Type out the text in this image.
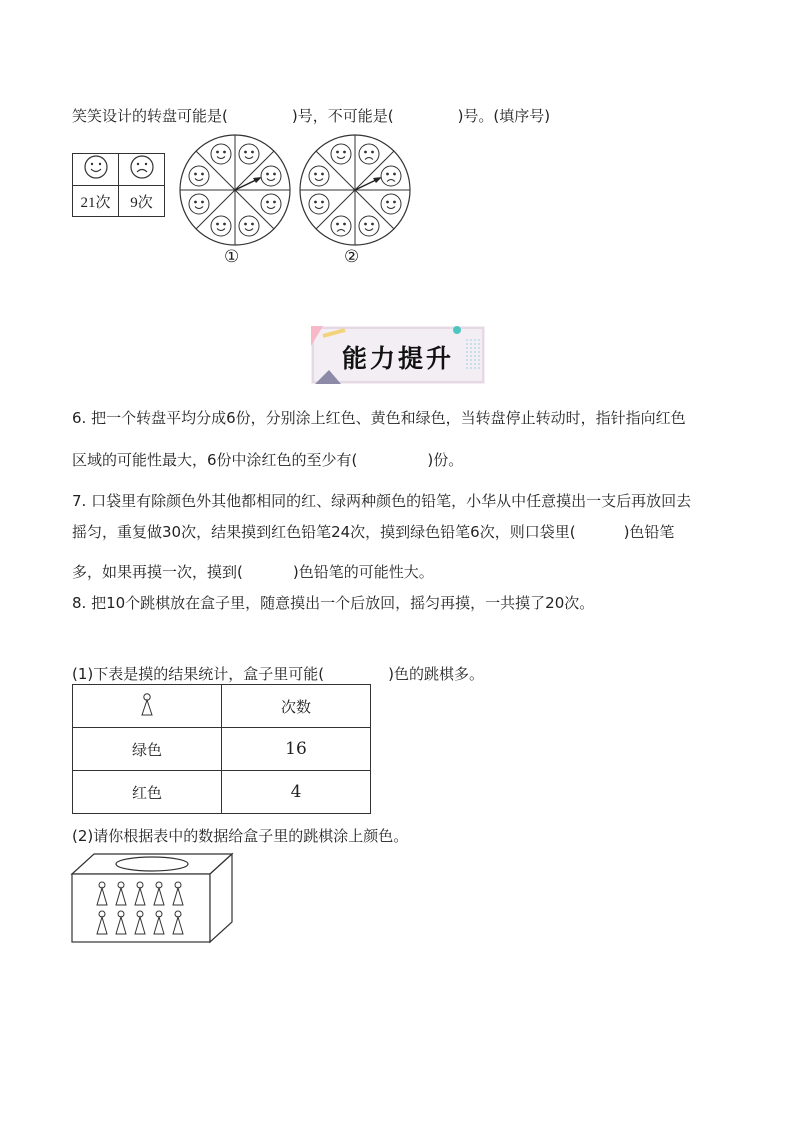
笑笑设计的转盘可能是(	)号，不可能是(	)号。(填序号)

21次	9次
①	②
能力提升
6. 把一个转盘平均分成6份，分别涂上红色、黄色和绿色，当转盘停止转动时，指针指向红色
区域的可能性最大，6份中涂红色的至少有(	)份。
7. 口袋里有除颜色外其他都相同的红、绿两种颜色的铅笔，小华从中任意摸出一支后再放回去
摇匀，重复做30次，结果摸到红色铅笔24次，摸到绿色铅笔6次，则口袋里(	)色铅笔
多，如果再摸一次，摸到(	)色铅笔的可能性大。
8. 把10个跳棋放在盒子里，随意摸出一个后放回，摇匀再摸，一共摸了20次。
(1)下表是摸的结果统计，盒子里可能(	)色的跳棋多。
	次数
绿色	16
红色	4
(2)请你根据表中的数据给盒子里的跳棋涂上颜色。
